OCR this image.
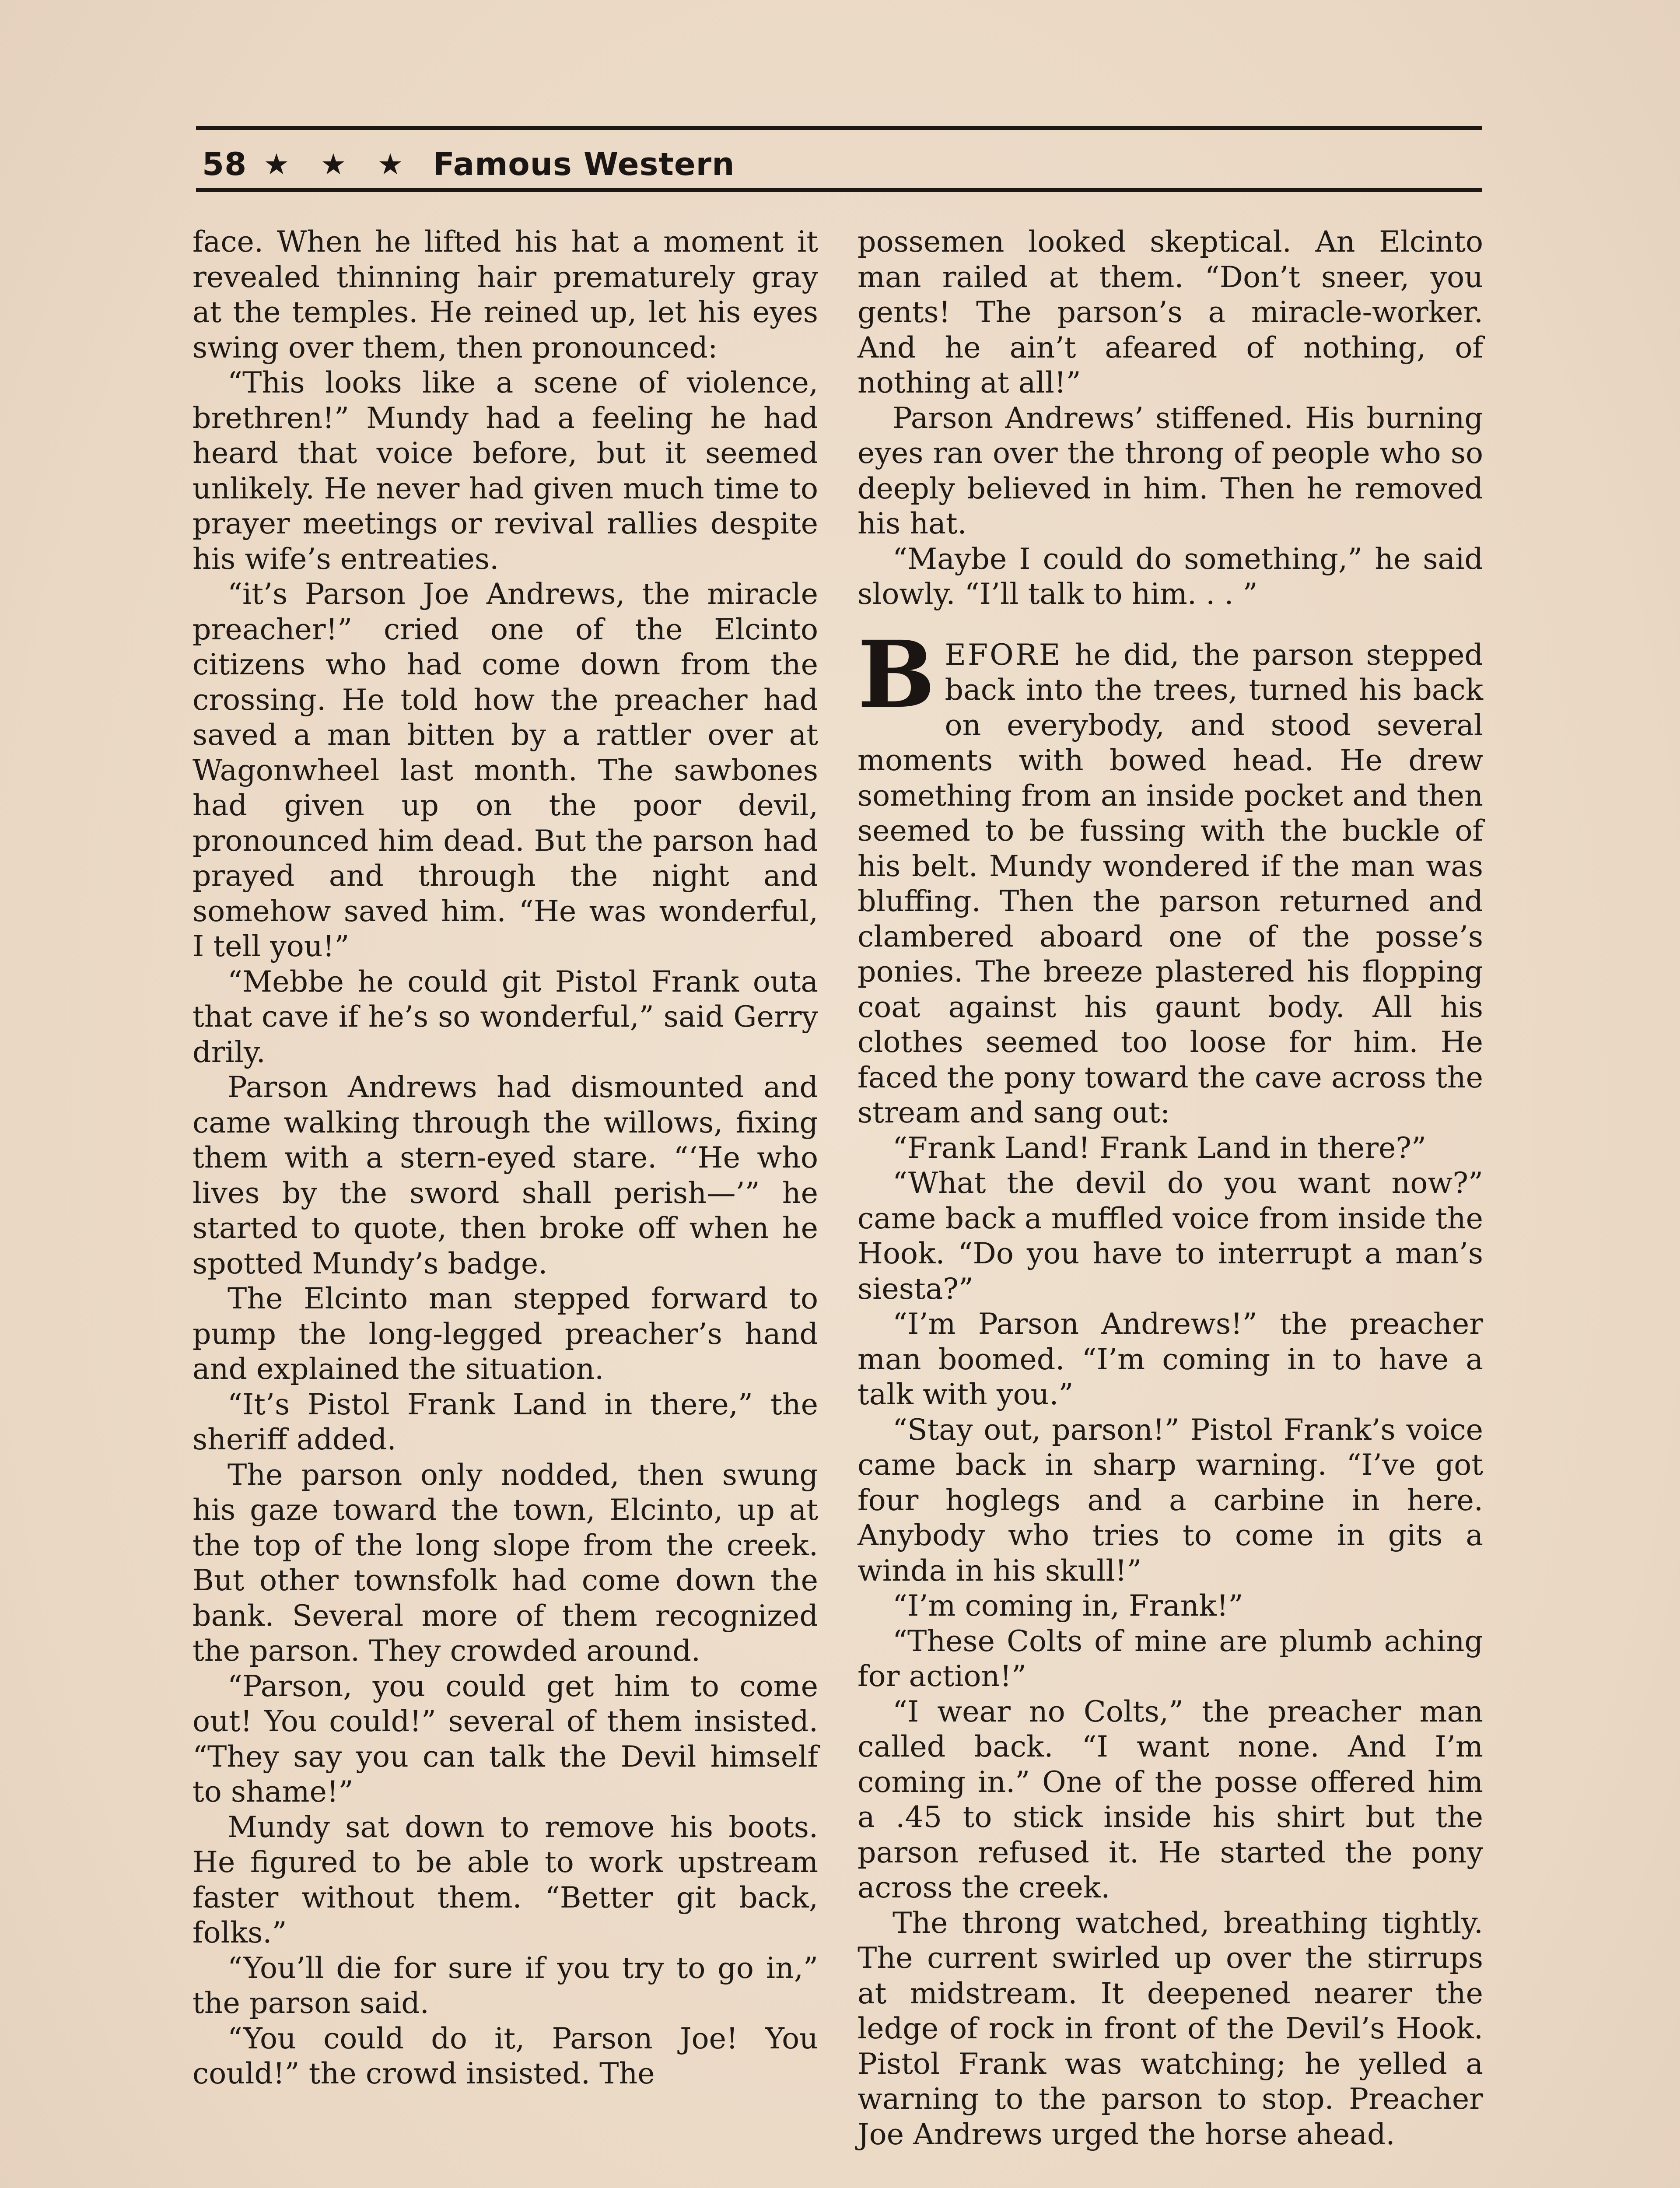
58 ★ ★ ★ Famous Western

face. When he lifted his hat a moment it revealed thinning hair prematurely gray at the temples. He reined up, let his eyes swing over them, then pronounced:

“This looks like a scene of violence, brethren!” Mundy had a feeling he had heard that voice before, but it seemed unlikely. He never had given much time to prayer meetings or revival rallies despite his wife’s entreaties.

“it’s Parson Joe Andrews, the miracle preacher!” cried one of the Elcinto citizens who had come down from the crossing. He told how the preacher had saved a man bitten by a rattler over at Wagonwheel last month. The sawbones had given up on the poor devil, pronounced him dead. But the parson had prayed and through the night and somehow saved him. “He was wonderful, I tell you!”

“Mebbe he could git Pistol Frank outa that cave if he’s so wonderful,” said Gerry drily.

Parson Andrews had dismounted and came walking through the willows, fixing them with a stern-eyed stare. “‘He who lives by the sword shall perish—’” he started to quote, then broke off when he spotted Mundy’s badge.

The Elcinto man stepped forward to pump the long-legged preacher’s hand and explained the situation.

“It’s Pistol Frank Land in there,” the sheriff added.

The parson only nodded, then swung his gaze toward the town, Elcinto, up at the top of the long slope from the creek. But other townsfolk had come down the bank. Several more of them recognized the parson. They crowded around.

“Parson, you could get him to come out! You could!” several of them insisted. “They say you can talk the Devil himself to shame!”

Mundy sat down to remove his boots. He figured to be able to work upstream faster without them. “Better git back, folks.”

“You’ll die for sure if you try to go in,” the parson said.

“You could do it, Parson Joe! You could!” the crowd insisted. The

possemen looked skeptical. An Elcinto man railed at them. “Don’t sneer, you gents! The parson’s a miracle-worker. And he ain’t afeared of nothing, of nothing at all!”

Parson Andrews’ stiffened. His burning eyes ran over the throng of people who so deeply believed in him. Then he removed his hat.

“Maybe I could do something,” he said slowly. “I’ll talk to him. . . ”

BEFORE he did, the parson stepped back into the trees, turned his back on everybody, and stood several moments with bowed head. He drew something from an inside pocket and then seemed to be fussing with the buckle of his belt. Mundy wondered if the man was bluffing. Then the parson returned and clambered aboard one of the posse’s ponies. The breeze plastered his flopping coat against his gaunt body. All his clothes seemed too loose for him. He faced the pony toward the cave across the stream and sang out:

“Frank Land! Frank Land in there?”

“What the devil do you want now?” came back a muffled voice from inside the Hook. “Do you have to interrupt a man’s siesta?”

“I’m Parson Andrews!” the preacher man boomed. “I’m coming in to have a talk with you.”

“Stay out, parson!” Pistol Frank’s voice came back in sharp warning. “I’ve got four hoglegs and a carbine in here. Anybody who tries to come in gits a winda in his skull!”

“I’m coming in, Frank!”

“These Colts of mine are plumb aching for action!”

“I wear no Colts,” the preacher man called back. “I want none. And I’m coming in.” One of the posse offered him a .45 to stick inside his shirt but the parson refused it. He started the pony across the creek.

The throng watched, breathing tightly. The current swirled up over the stirrups at midstream. It deepened nearer the ledge of rock in front of the Devil’s Hook. Pistol Frank was watching; he yelled a warning to the parson to stop. Preacher Joe Andrews urged the horse ahead.
